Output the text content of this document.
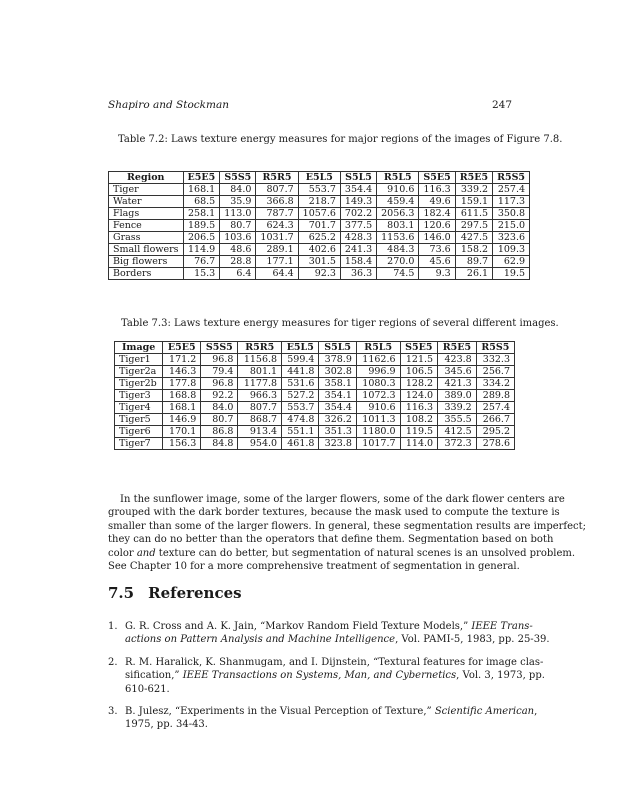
Shapiro and Stockman	247
Table 7.2: Laws texture energy measures for major regions of the images of Figure 7.8.
Region	E5E5	S5S5	R5R5	E5L5	S5L5	R5L5	S5E5	R5E5	R5S5
Tiger	168.1	84.0	807.7	553.7	354.4	910.6	116.3	339.2	257.4
Water	68.5	35.9	366.8	218.7	149.3	459.4	49.6	159.1	117.3
Flags	258.1	113.0	787.7	1057.6	702.2	2056.3	182.4	611.5	350.8
Fence	189.5	80.7	624.3	701.7	377.5	803.1	120.6	297.5	215.0
Grass	206.5	103.6	1031.7	625.2	428.3	1153.6	146.0	427.5	323.6
Small flowers	114.9	48.6	289.1	402.6	241.3	484.3	73.6	158.2	109.3
Big flowers	76.7	28.8	177.1	301.5	158.4	270.0	45.6	89.7	62.9
Borders	15.3	6.4	64.4	92.3	36.3	74.5	9.3	26.1	19.5
Table 7.3: Laws texture energy measures for tiger regions of several different images.
Image	E5E5	S5S5	R5R5	E5L5	S5L5	R5L5	S5E5	R5E5	R5S5
Tiger1	171.2	96.8	1156.8	599.4	378.9	1162.6	121.5	423.8	332.3
Tiger2a	146.3	79.4	801.1	441.8	302.8	996.9	106.5	345.6	256.7
Tiger2b	177.8	96.8	1177.8	531.6	358.1	1080.3	128.2	421.3	334.2
Tiger3	168.8	92.2	966.3	527.2	354.1	1072.3	124.0	389.0	289.8
Tiger4	168.1	84.0	807.7	553.7	354.4	910.6	116.3	339.2	257.4
Tiger5	146.9	80.7	868.7	474.8	326.2	1011.3	108.2	355.5	266.7
Tiger6	170.1	86.8	913.4	551.1	351.3	1180.0	119.5	412.5	295.2
Tiger7	156.3	84.8	954.0	461.8	323.8	1017.7	114.0	372.3	278.6
In the sunflower image, some of the larger flowers, some of the dark flower centers are
grouped with the dark border textures, because the mask used to compute the texture is
smaller than some of the larger flowers. In general, these segmentation results are imperfect;
they can do no better than the operators that define them. Segmentation based on both
color and texture can do better, but segmentation of natural scenes is an unsolved problem.
See Chapter 10 for a more comprehensive treatment of segmentation in general.
7.5 References
1. G. R. Cross and A. K. Jain, “Markov Random Field Texture Models,” IEEE Trans-
actions on Pattern Analysis and Machine Intelligence, Vol. PAMI-5, 1983, pp. 25-39.
2. R. M. Haralick, K. Shanmugam, and I. Dijnstein, “Textural features for image clas-
sification,” IEEE Transactions on Systems, Man, and Cybernetics, Vol. 3, 1973, pp.
610-621.
3. B. Julesz, “Experiments in the Visual Perception of Texture,” Scientific American,
1975, pp. 34-43.
